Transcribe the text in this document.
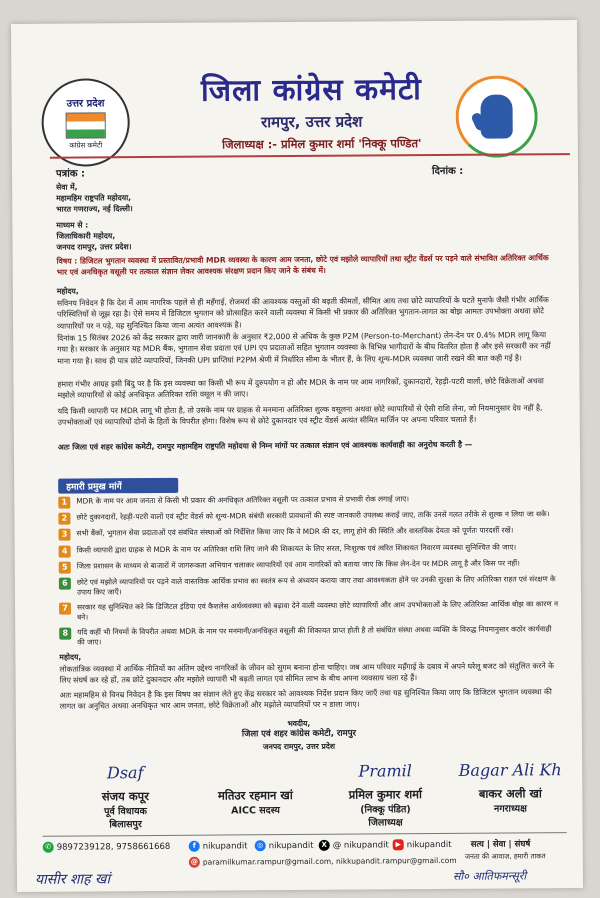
उत्तर प्रदेश
कांग्रेस कमेटी
जिला कांग्रेस कमेटी
रामपुर, उत्तर प्रदेश
जिलाध्यक्ष :- प्रमिल कुमार शर्मा 'निक्कू पण्डित'
पत्रांक :	दिनांक :
सेवा में,
महामहिम राष्ट्रपति महोदया,
भारत गणराज्य, नई दिल्ली।
माध्यम से :
जिलाधिकारी महोदय,
जनपद रामपुर, उत्तर प्रदेश।
विषय : डिजिटल भुगतान व्यवस्था में प्रस्तावित/प्रभावी MDR व्यवस्था के कारण आम जनता, छोटे एवं मझोले व्यापारियों तथा स्ट्रीट वेंडर्स पर पड़ने वाले संभावित अतिरिक्त आर्थिक भार एवं अनधिकृत वसूली पर तत्काल संज्ञान लेकर आवश्यक संरक्षण प्रदान किए जाने के संबंध में।
महोदय,
सविनय निवेदन है कि देश में आम नागरिक पहले से ही महँगाई, रोजमर्रा की आवश्यक वस्तुओं की बढ़ती कीमतों, सीमित आय तथा छोटे व्यापारियों के घटते मुनाफे जैसी गंभीर आर्थिक परिस्थितियों से जूझ रहा है। ऐसे समय में डिजिटल भुगतान को प्रोत्साहित करने वाली व्यवस्था में किसी भी प्रकार की अतिरिक्त भुगतान-लागत का बोझ आमतः उपभोक्ता अथवा छोटे व्यापारियों पर न पड़े, यह सुनिश्चित किया जाना अत्यंत आवश्यक है।
दिनांक 15 सितंबर 2026 को केंद्र सरकार द्वारा जारी जानकारी के अनुसार ₹2,000 से अधिक के कुछ P2M (Person-to-Merchant) लेन-देन पर 0.4% MDR लागू किया गया है। सरकार के अनुसार यह MDR बैंक, भुगतान सेवा प्रदाता एवं UPI एप प्रदाताओं सहित भुगतान व्यवस्था के विभिन्न भागीदारों के बीच वितरित होता है और इसे सरकारी कर नहीं माना गया है। साथ ही पात्र छोटे व्यापारियों, जिनकी UPI प्राप्तियां P2PM श्रेणी में निर्धारित सीमा के भीतर हैं, के लिए शून्य-MDR व्यवस्था जारी रखने की बात कही गई है।
हमारा गंभीर आग्रह इसी बिंदु पर है कि इस व्यवस्था का किसी भी रूप में दुरुपयोग न हो और MDR के नाम पर आम नागरिकों, दुकानदारों, रेहड़ी-पटरी वालों, छोटे विक्रेताओं अथवा मझोले व्यापारियों से कोई अनधिकृत अतिरिक्त राशि वसूल न की जाए।
यदि किसी व्यापारी पर MDR लागू भी होता है, तो उसके नाम पर ग्राहक से मनमाना अतिरिक्त शुल्क वसूलना अथवा छोटे व्यापारियों से ऐसी राशि लेना, जो नियमानुसार देय नहीं है, उपभोक्ताओं एवं व्यापारियों दोनों के हितों के विपरीत होगा। विशेष रूप से छोटे दुकानदार एवं स्ट्रीट वेंडर्स अत्यंत सीमित मार्जिन पर अपना परिवार चलाते हैं।
अतः जिला एवं शहर कांग्रेस कमेटी, रामपुर महामहिम राष्ट्रपति महोदया से निम्न मांगों पर तत्काल संज्ञान एवं आवश्यक कार्यवाही का अनुरोध करती है —
हमारी प्रमुख मांगें
1	MDR के नाम पर आम जनता से किसी भी प्रकार की अनधिकृत अतिरिक्त वसूली पर तत्काल प्रभाव से प्रभावी रोक लगाई जाए।
2	छोटे दुकानदारों, रेहड़ी-पटरी वालों एवं स्ट्रीट वेंडर्स को शून्य-MDR संबंधी सरकारी प्रावधानों की स्पष्ट जानकारी उपलब्ध कराई जाए, ताकि उनसे गलत तरीके से शुल्क न लिया जा सके।
3	सभी बैंकों, भुगतान सेवा प्रदाताओं एवं संबंधित संस्थाओं को निर्देशित किया जाए कि वे MDR की दर, लागू होने की स्थिति और वास्तविक देयता को पूर्णतः पारदर्शी रखें।
4	किसी व्यापारी द्वारा ग्राहक से MDR के नाम पर अतिरिक्त राशि लिए जाने की शिकायत के लिए सरल, निःशुल्क एवं त्वरित शिकायत निवारण व्यवस्था सुनिश्चित की जाए।
5	जिला प्रशासन के माध्यम से बाजारों में जागरूकता अभियान चलाकर व्यापारियों एवं आम नागरिकों को बताया जाए कि किस लेन-देन पर MDR लागू है और किस पर नहीं।
6	छोटे एवं मझोले व्यापारियों पर पड़ने वाले वास्तविक आर्थिक प्रभाव का स्वतंत्र रूप से अध्ययन कराया जाए तथा आवश्यकता होने पर उनकी सुरक्षा के लिए अतिरिक्त राहत एवं संरक्षण के उपाय किए जाएँ।
7	सरकार यह सुनिश्चित करे कि डिजिटल इंडिया एवं कैशलेस अर्थव्यवस्था को बढ़ावा देने वाली व्यवस्था छोटे व्यापारियों और आम उपभोक्ताओं के लिए अतिरिक्त आर्थिक बोझ का कारण न बने।
8	यदि कहीं भी नियमों के विपरीत अथवा MDR के नाम पर मनमानी/अनधिकृत वसूली की शिकायत प्राप्त होती है तो संबंधित संस्था अथवा व्यक्ति के विरुद्ध नियमानुसार कठोर कार्यवाही की जाए।
महोदय,
लोकतांत्रिक व्यवस्था में आर्थिक नीतियों का अंतिम उद्देश्य नागरिकों के जीवन को सुगम बनाना होना चाहिए। जब आम परिवार महँगाई के दबाव में अपने घरेलू बजट को संतुलित करने के लिए संघर्ष कर रहे हों, तब छोटे दुकानदार और मझोले व्यापारी भी बढ़ती लागत एवं सीमित लाभ के बीच अपना व्यवसाय चला रहे हैं।
अतः महामहिम से विनम्र निवेदन है कि इस विषय का संज्ञान लेते हुए केंद्र सरकार को आवश्यक निर्देश प्रदान किए जाएँ तथा यह सुनिश्चित किया जाए कि डिजिटल भुगतान व्यवस्था की लागत का अनुचित अथवा अनधिकृत भार आम जनता, छोटे विक्रेताओं और मझोले व्यापारियों पर न डाला जाए।
भवदीय,
जिला एवं शहर कांग्रेस कमेटी, रामपुर
जनपद रामपुर, उत्तर प्रदेश
Dsaf
संजय कपूर
पूर्व विधायक
बिलासपुर
मतिउर रहमान खां
AICC सदस्य
Pramil
प्रमिल कुमार शर्मा
(निक्कू पंडित)
जिलाध्यक्ष
Bagar Ali Kh
बाकर अली खां
नगराध्यक्ष
✆ 9897239128, 9758661668	f nikupandit	◎ nikupandit	X @ nikupandit ▶ nikupandit
@ paramilkumar.rampur@gmail.com, nikkupandit.rampur@gmail.com
सत्य | सेवा | संघर्ष
जनता की आवाज़, हमारी ताकत
यासीर शाह खां	सौ० आतिफमन्सूरी
